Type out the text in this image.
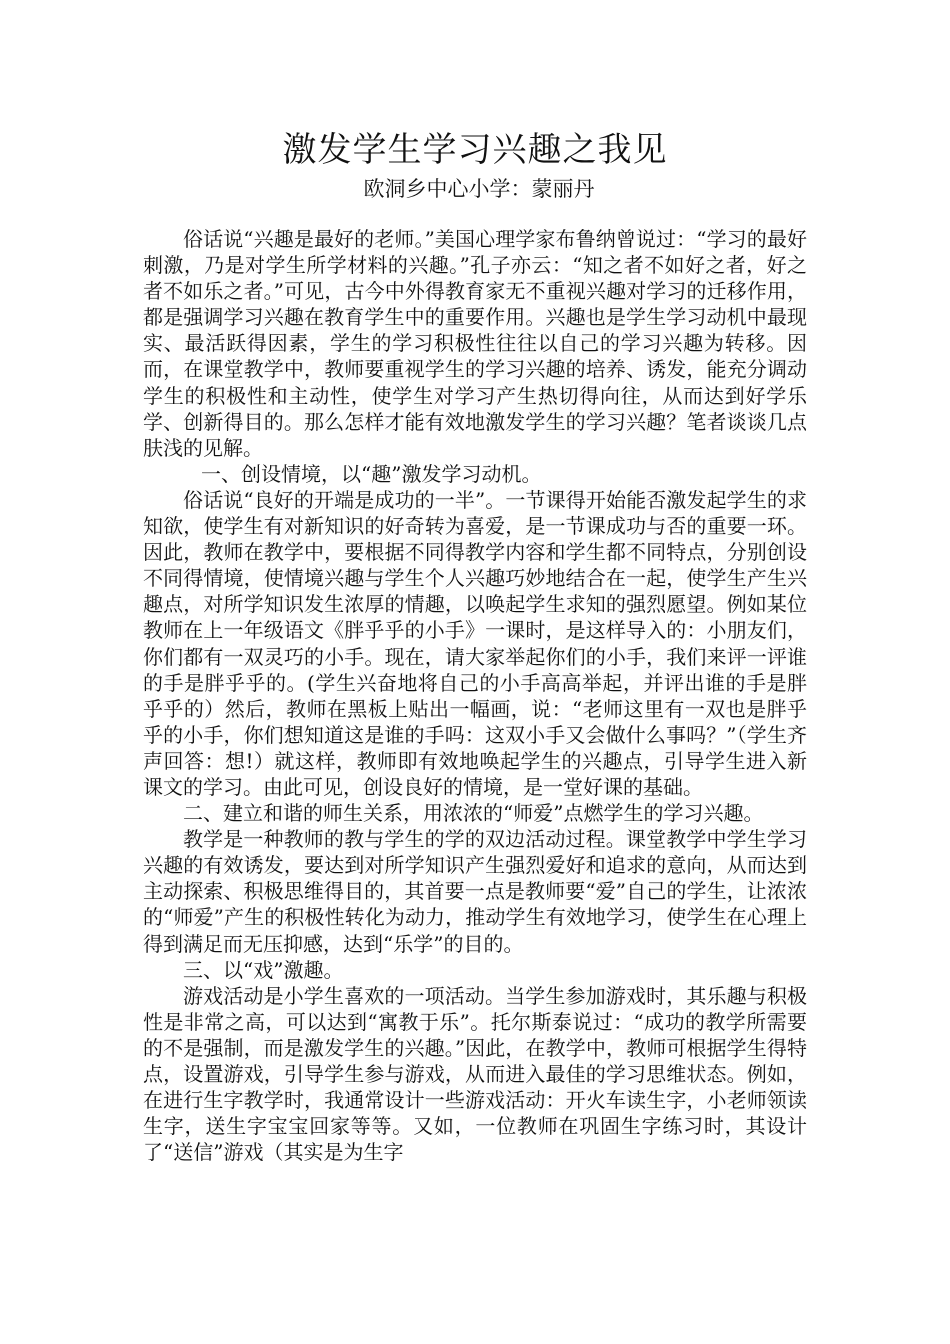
激发学生学习兴趣之我见
欧洞乡中心小学：蒙丽丹

俗话说“兴趣是最好的老师。”美国心理学家布鲁纳曾说过：“学习的最好刺激，乃是对学生所学材料的兴趣。”孔子亦云：“知之者不如好之者，好之者不如乐之者。”可见，古今中外得教育家无不重视兴趣对学习的迁移作用，都是强调学习兴趣在教育学生中的重要作用。兴趣也是学生学习动机中最现实、最活跃得因素，学生的学习积极性往往以自己的学习兴趣为转移。因而，在课堂教学中，教师要重视学生的学习兴趣的培养、诱发，能充分调动学生的积极性和主动性，使学生对学习产生热切得向往，从而达到好学乐学、创新得目的。那么怎样才能有效地激发学生的学习兴趣？笔者谈谈几点肤浅的见解。

一、创设情境，以“趣”激发学习动机。

俗话说“良好的开端是成功的一半”。一节课得开始能否激发起学生的求知欲，使学生有对新知识的好奇转为喜爱，是一节课成功与否的重要一环。因此，教师在教学中，要根据不同得教学内容和学生都不同特点，分别创设不同得情境，使情境兴趣与学生个人兴趣巧妙地结合在一起，使学生产生兴趣点，对所学知识发生浓厚的情趣，以唤起学生求知的强烈愿望。例如某位教师在上一年级语文《胖乎乎的小手》一课时，是这样导入的：小朋友们，你们都有一双灵巧的小手。现在，请大家举起你们的小手，我们来评一评谁的手是胖乎乎的。(学生兴奋地将自己的小手高高举起，并评出谁的手是胖乎乎的）然后，教师在黑板上贴出一幅画，说：“老师这里有一双也是胖乎乎的小手，你们想知道这是谁的手吗：这双小手又会做什么事吗？”（学生齐声回答：想!）就这样，教师即有效地唤起学生的兴趣点，引导学生进入新课文的学习。由此可见，创设良好的情境，是一堂好课的基础。

二、建立和谐的师生关系，用浓浓的“师爱”点燃学生的学习兴趣。

教学是一种教师的教与学生的学的双边活动过程。课堂教学中学生学习兴趣的有效诱发，要达到对所学知识产生强烈爱好和追求的意向，从而达到主动探索、积极思维得目的，其首要一点是教师要“爱”自己的学生，让浓浓的“师爱”产生的积极性转化为动力，推动学生有效地学习，使学生在心理上得到满足而无压抑感，达到“乐学”的目的。

三、以“戏”激趣。

游戏活动是小学生喜欢的一项活动。当学生参加游戏时，其乐趣与积极性是非常之高，可以达到“寓教于乐”。托尔斯泰说过：“成功的教学所需要的不是强制，而是激发学生的兴趣。”因此，在教学中，教师可根据学生得特点，设置游戏，引导学生参与游戏，从而进入最佳的学习思维状态。例如，在进行生字教学时，我通常设计一些游戏活动：开火车读生字，小老师领读生字，送生字宝宝回家等等。又如，一位教师在巩固生字练习时，其设计了“送信”游戏（其实是为生字
